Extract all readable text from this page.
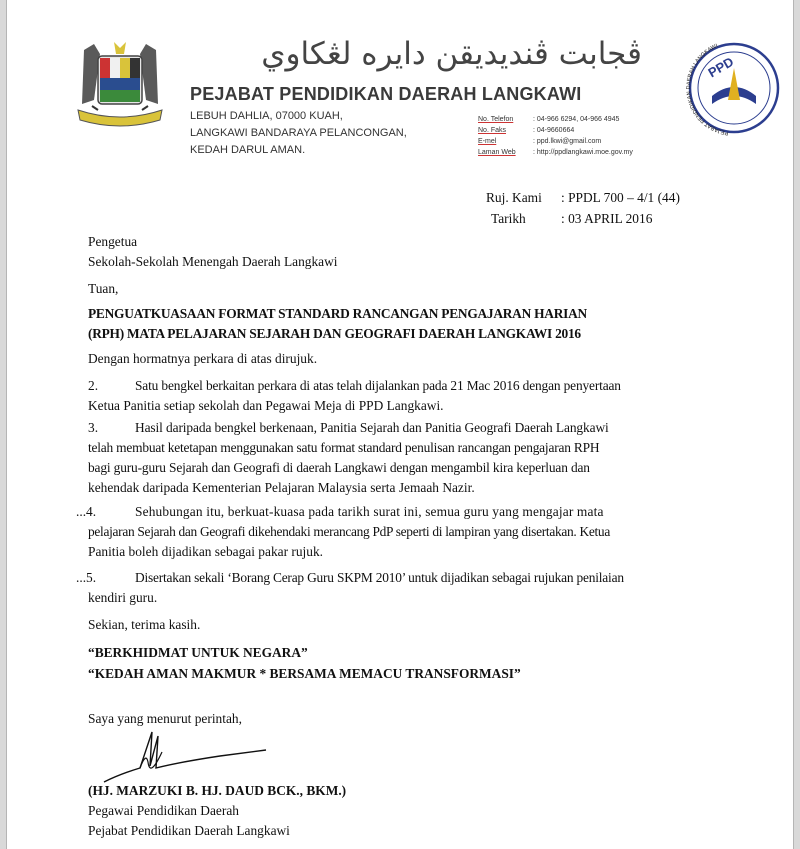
ڤجابت ڤنديديقن دايره لڠكاوي
PEJABAT PENDIDIKAN DAERAH LANGKAWI
LEBUH DAHLIA, 07000 KUAH,
LANGKAWI BANDARAYA PELANCONGAN,
KEDAH DARUL AMAN.
No. Telefon	: 04-966 6294, 04-966 4945
No. Faks	: 04-9660664
E-mel	: ppd.lkwi@gmail.com
Laman Web : http://ppdlangkawi.moe.gov.my
PPD
PEJABAT PENDIDIKAN DAERAH LANGKAWI
Ruj. Kami : PPDL 700 – 4/1 (44)
Tarikh	: 03 APRIL 2016
Pengetua
Sekolah-Sekolah Menengah Daerah Langkawi
Tuan,
PENGUATKUASAAN FORMAT STANDARD RANCANGAN PENGAJARAN HARIAN
(RPH) MATA PELAJARAN SEJARAH DAN GEOGRAFI DAERAH LANGKAWI 2016
Dengan hormatnya perkara di atas dirujuk.
2.	Satu bengkel berkaitan perkara di atas telah dijalankan pada 21 Mac 2016 dengan penyertaan
Ketua Panitia setiap sekolah dan Pegawai Meja di PPD Langkawi.
3.	Hasil daripada bengkel berkenaan, Panitia Sejarah dan Panitia Geografi Daerah Langkawi
telah membuat ketetapan menggunakan satu format standard penulisan rancangan pengajaran RPH
bagi guru-guru Sejarah dan Geografi di daerah Langkawi dengan mengambil kira keperluan dan
kehendak daripada Kementerian Pelajaran Malaysia serta Jemaah Nazir.
...4.	Sehubungan itu, berkuat-kuasa pada tarikh surat ini, semua guru yang mengajar mata
pelajaran Sejarah dan Geografi dikehendaki merancang PdP seperti di lampiran yang disertakan. Ketua
Panitia boleh dijadikan sebagai pakar rujuk.
...5.	Disertakan sekali ‘Borang Cerap Guru SKPM 2010’ untuk dijadikan sebagai rujukan penilaian
kendiri guru.
Sekian, terima kasih.
“BERKHIDMAT UNTUK NEGARA”
“KEDAH AMAN MAKMUR * BERSAMA MEMACU TRANSFORMASI”
Saya yang menurut perintah,
(HJ. MARZUKI B. HJ. DAUD BCK., BKM.)
Pegawai Pendidikan Daerah
Pejabat Pendidikan Daerah Langkawi
